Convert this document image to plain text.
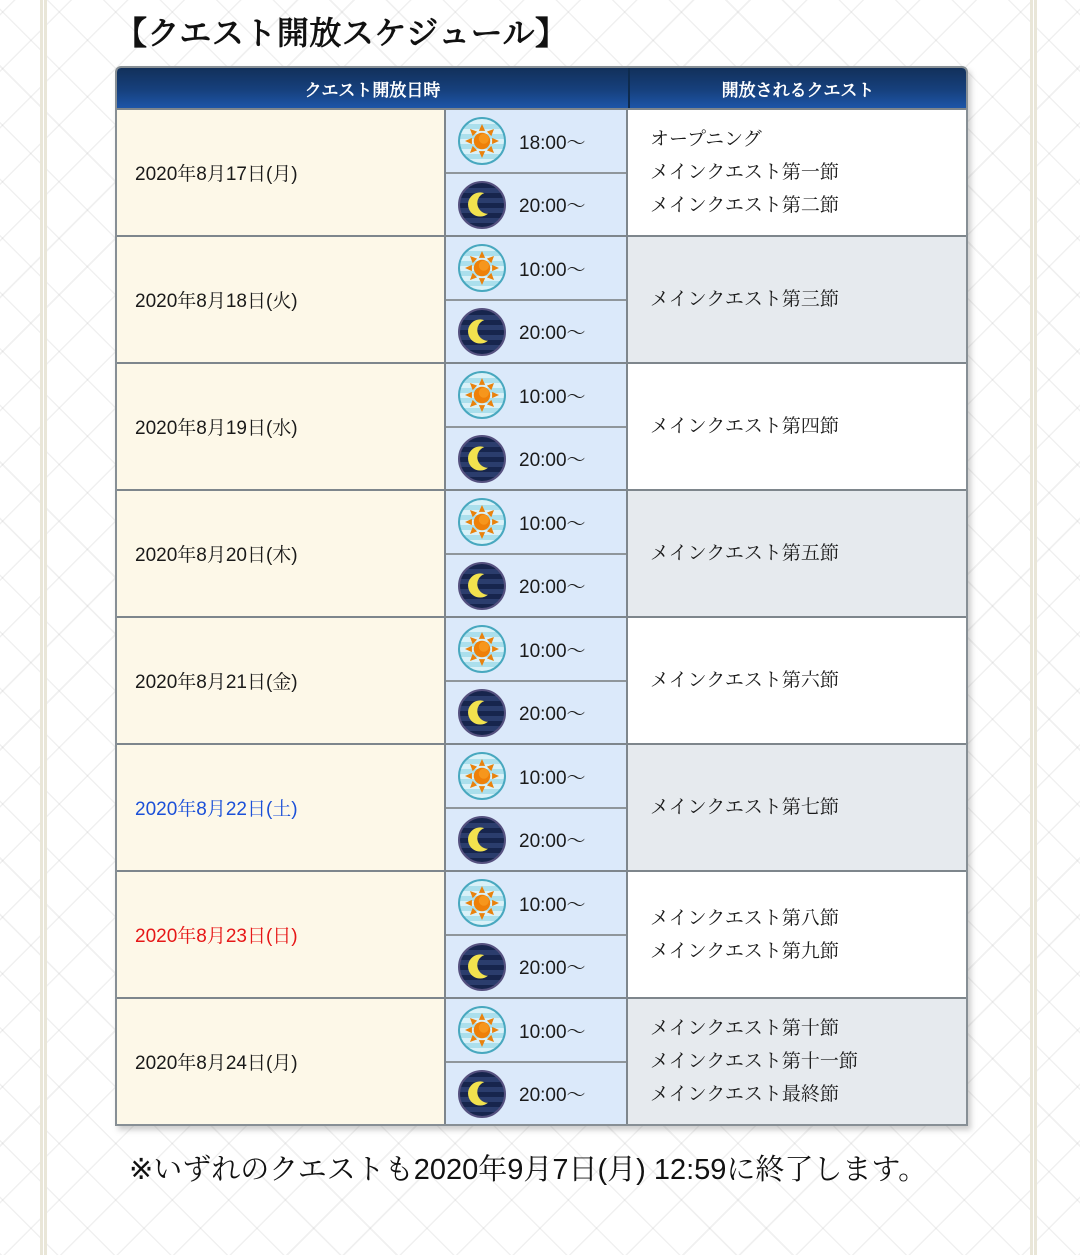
【クエスト開放スケジュール】
クエスト開放日時	開放されるクエスト
2020年8月17日(月)
18:00〜
20:00〜
オープニング
メインクエスト第一節
メインクエスト第二節
2020年8月18日(火)
10:00〜
20:00〜
メインクエスト第三節
2020年8月19日(水)
10:00〜
20:00〜
メインクエスト第四節
2020年8月20日(木)
10:00〜
20:00〜
メインクエスト第五節
2020年8月21日(金)
10:00〜
20:00〜
メインクエスト第六節
2020年8月22日(土)
10:00〜
20:00〜
メインクエスト第七節
2020年8月23日(日)
10:00〜
20:00〜
メインクエスト第八節
メインクエスト第九節
2020年8月24日(月)
10:00〜
20:00〜
メインクエスト第十節
メインクエスト第十一節
メインクエスト最終節

※いずれのクエストも2020年9月7日(月) 12:59に終了します。
